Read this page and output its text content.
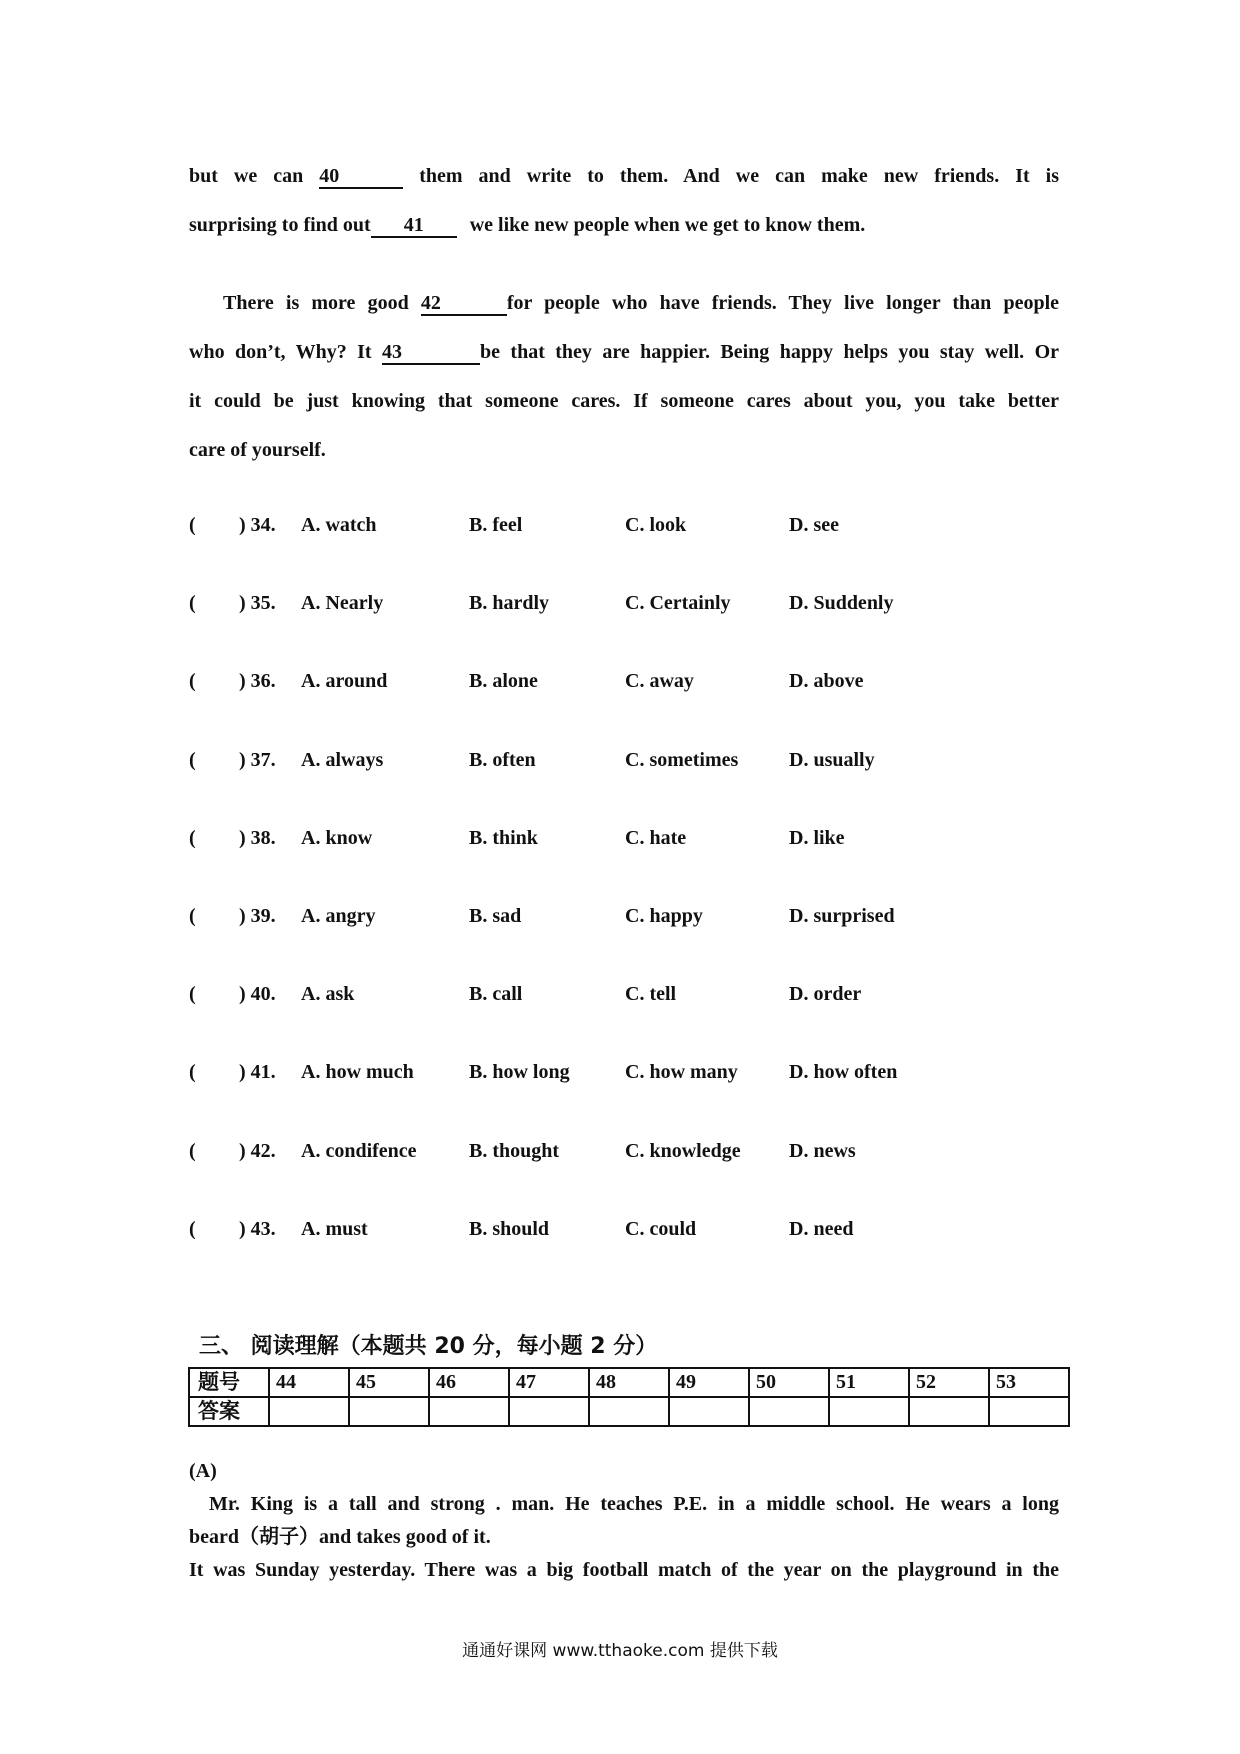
but we can 40	them and write to them. And we can make new friends. It is
surprising to find out 41 we like new people when we get to know them.
There is more good 42	for people who have friends. They live longer than people
who don’t, Why? It 43	be that they are happier. Being happy helps you stay well. Or
it could be just knowing that someone cares. If someone cares about you, you take better
care of yourself.
( ) 34. A. watch	B. feel	C. look	D. see
( ) 35. A. Nearly	B. hardly	C. Certainly	D. Suddenly
( ) 36. A. around	B. alone	C. away	D. above
( ) 37. A. always	B. often	C. sometimes	D. usually
( ) 38. A. know	B. think	C. hate	D. like
( ) 39. A. angry	B. sad	C. happy	D. surprised
( ) 40. A. ask	B. call	C. tell	D. order
( ) 41. A. how much	B. how long	C. how many	D. how often
( ) 42. A. condifence	B. thought	C. knowledge D. news
( ) 43. A. must	B. should	C. could	D. need
三、 阅读理解（本题共 20 分，每小题 2 分）
题号	44	45	46	47	48	49	50	51	52	53
答案										
(A)
Mr. King is a tall and strong . man. He teaches P.E. in a middle school. He wears a long
beard（胡子）and takes good of it.
It was Sunday yesterday. There was a big football match of the year on the playground in the
通通好课网 www.tthaoke.com 提供下载
